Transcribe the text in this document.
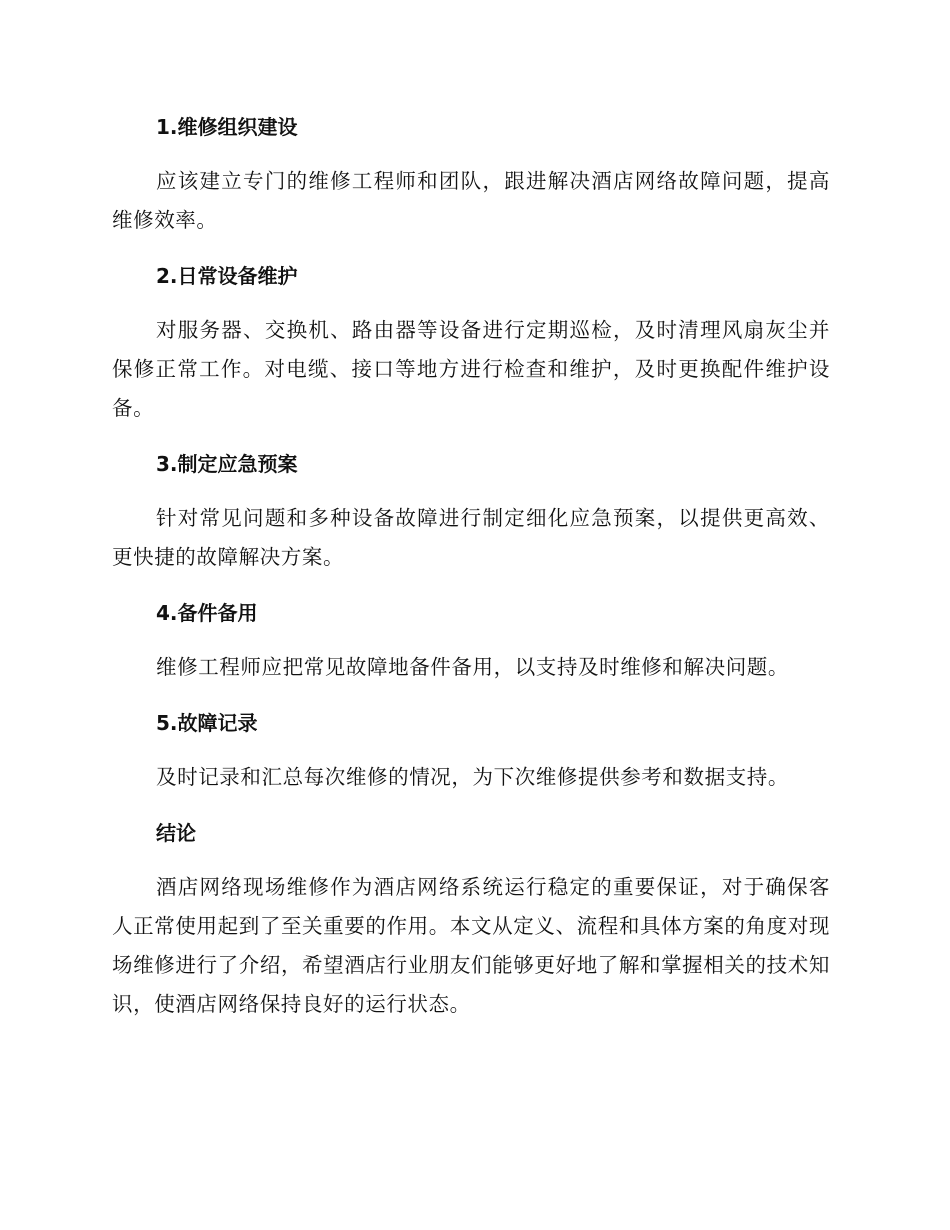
1.维修组织建设

应该建立专门的维修工程师和团队，跟进解决酒店网络故障问题，提高维修效率。

2.日常设备维护

对服务器、交换机、路由器等设备进行定期巡检，及时清理风扇灰尘并保修正常工作。对电缆、接口等地方进行检查和维护，及时更换配件维护设备。

3.制定应急预案

针对常见问题和多种设备故障进行制定细化应急预案，以提供更高效、更快捷的故障解决方案。

4.备件备用

维修工程师应把常见故障地备件备用，以支持及时维修和解决问题。

5.故障记录

及时记录和汇总每次维修的情况，为下次维修提供参考和数据支持。

结论

酒店网络现场维修作为酒店网络系统运行稳定的重要保证，对于确保客人正常使用起到了至关重要的作用。本文从定义、流程和具体方案的角度对现场维修进行了介绍，希望酒店行业朋友们能够更好地了解和掌握相关的技术知识，使酒店网络保持良好的运行状态。
